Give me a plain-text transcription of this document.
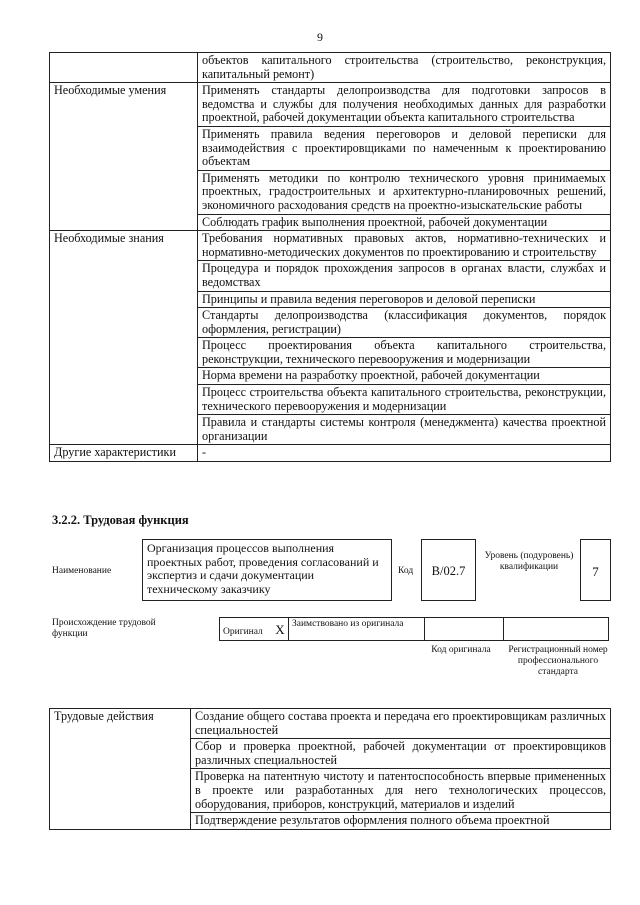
9
	объектов капитального строительства (строительство, реконструкция, капитальный ремонт)
Необходимые умения	Применять стандарты делопроизводства для подготовки запросов в ведомства и службы для получения необходимых данных для разработки проектной, рабочей документации объекта капитального строительства
	Применять правила ведения переговоров и деловой переписки для взаимодействия с проектировщиками по намеченным к проектированию объектам
	Применять методики по контролю технического уровня принимаемых проектных, градостроительных и архитектурно-планировочных решений, экономичного расходования средств на проектно-изыскательские работы
	Соблюдать график выполнения проектной, рабочей документации
Необходимые знания	Требования нормативных правовых актов, нормативно-технических и нормативно-методических документов по проектированию и строительству
	Процедура и порядок прохождения запросов в органах власти, службах и ведомствах
	Принципы и правила ведения переговоров и деловой переписки
	Стандарты делопроизводства (классификация документов, порядок оформления, регистрации)
	Процесс проектирования объекта капитального строительства, реконструкции, технического перевооружения и модернизации
	Норма времени на разработку проектной, рабочей документации
	Процесс строительства объекта капитального строительства, реконструкции, технического перевооружения и модернизации
	Правила и стандарты системы контроля (менеджмента) качества проектной организации
Другие характеристики	-
3.2.2. Трудовая функция
Наименование
Организация процессов выполнения проектных работ, проведения согласований и экспертиз и сдачи документации техническому заказчику
Код	В/02.7
Уровень (подуровень) квалификации	7
Происхождение трудовой функции	Оригинал X Заимствовано из оригинала
Код оригинала	Регистрационный номер профессионального стандарта
Трудовые действия	Создание общего состава проекта и передача его проектировщикам различных специальностей
Сбор и проверка проектной, рабочей документации от проектировщиков различных специальностей
Проверка на патентную чистоту и патентоспособность впервые примененных в проекте или разработанных для него технологических процессов, оборудования, приборов, конструкций, материалов и изделий
Подтверждение результатов оформления полного объема проектной
